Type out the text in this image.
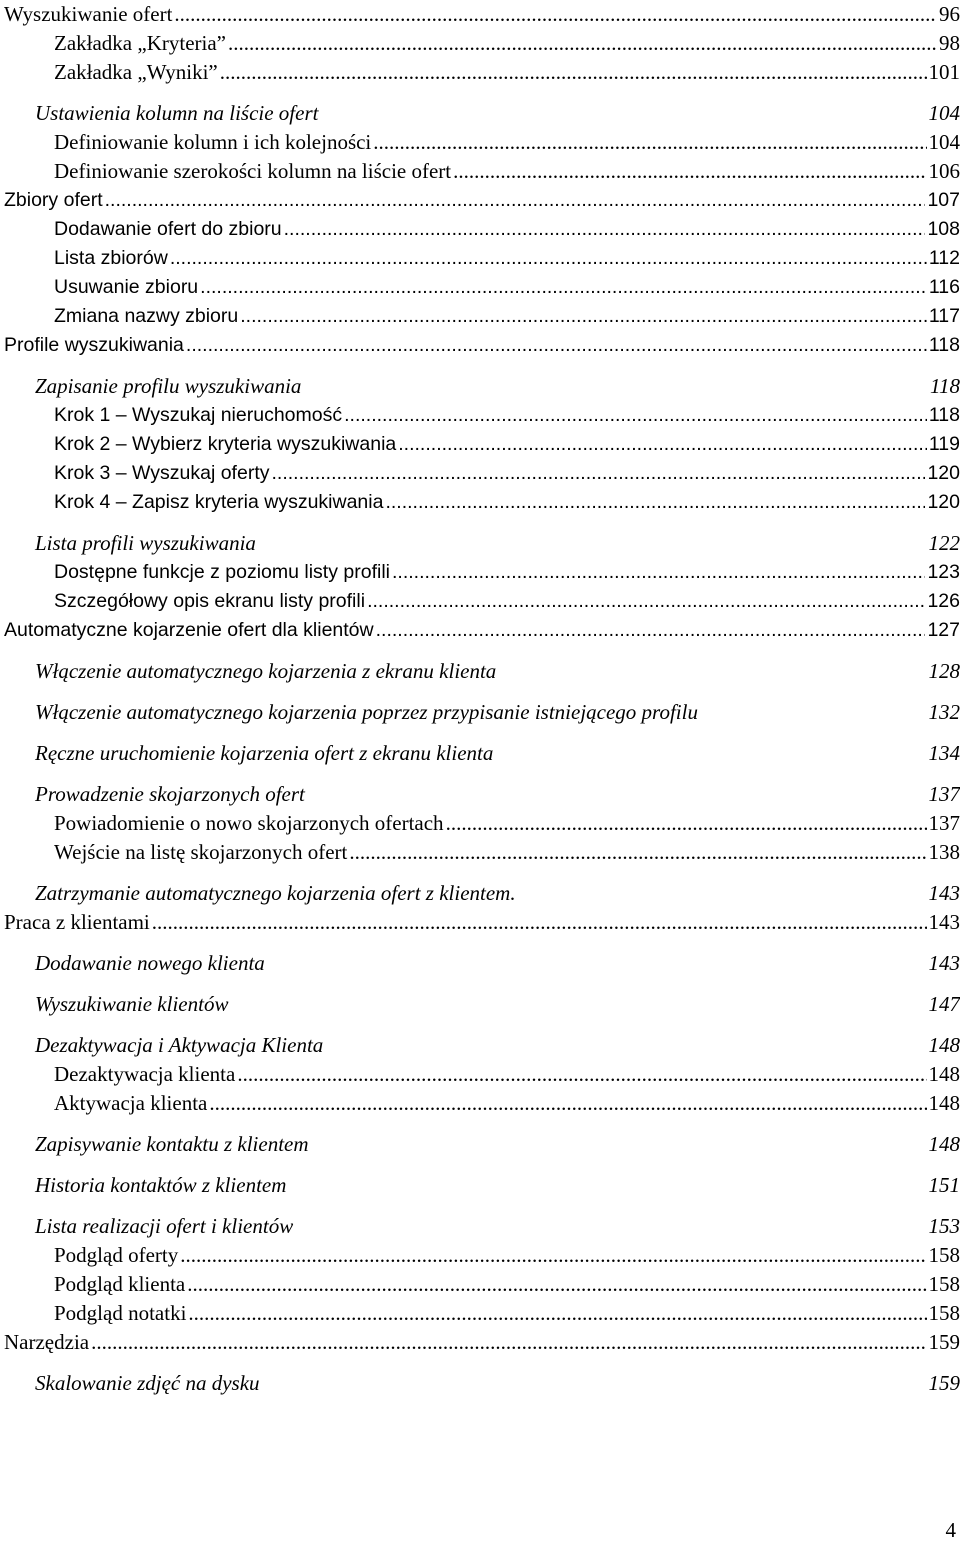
Wyszukiwanie ofert .....	96
Zakładka „Kryteria” .....	98
Zakładka „Wyniki” .....	101
Ustawienia kolumn na liście ofert	104
Definiowanie kolumn i ich kolejności .....	104
Definiowanie szerokości kolumn na liście ofert .....	106
Zbiory ofert .....	107
Dodawanie ofert do zbioru .....	108
Lista zbiorów .....	112
Usuwanie zbioru .....	116
Zmiana nazwy zbioru .....	117
Profile wyszukiwania .....	118
Zapisanie profilu wyszukiwania	118
Krok 1 – Wyszukaj nieruchomość .....	118
Krok 2 – Wybierz kryteria wyszukiwania .....	119
Krok 3 – Wyszukaj oferty .....	120
Krok 4 – Zapisz kryteria wyszukiwania .....	120
Lista profili wyszukiwania	122
Dostępne funkcje z poziomu listy profili .....	123
Szczegółowy opis ekranu listy profili .....	126
Automatyczne kojarzenie ofert dla klientów .....	127
Włączenie automatycznego kojarzenia z ekranu klienta	128
Włączenie automatycznego kojarzenia poprzez przypisanie istniejącego profilu	132
Ręczne uruchomienie kojarzenia ofert z ekranu klienta	134
Prowadzenie skojarzonych ofert	137
Powiadomienie o nowo skojarzonych ofertach .....	137
Wejście na listę skojarzonych ofert .....	138
Zatrzymanie automatycznego kojarzenia ofert z klientem.	143
Praca z klientami .....	143
Dodawanie nowego klienta	143
Wyszukiwanie klientów	147
Dezaktywacja i Aktywacja Klienta	148
Dezaktywacja klienta .....	148
Aktywacja klienta .....	148
Zapisywanie kontaktu z klientem	148
Historia kontaktów z klientem	151
Lista realizacji ofert i klientów	153
Podgląd oferty .....	158
Podgląd klienta .....	158
Podgląd notatki .....	158
Narzędzia .....	159
Skalowanie zdjęć na dysku	159
4
